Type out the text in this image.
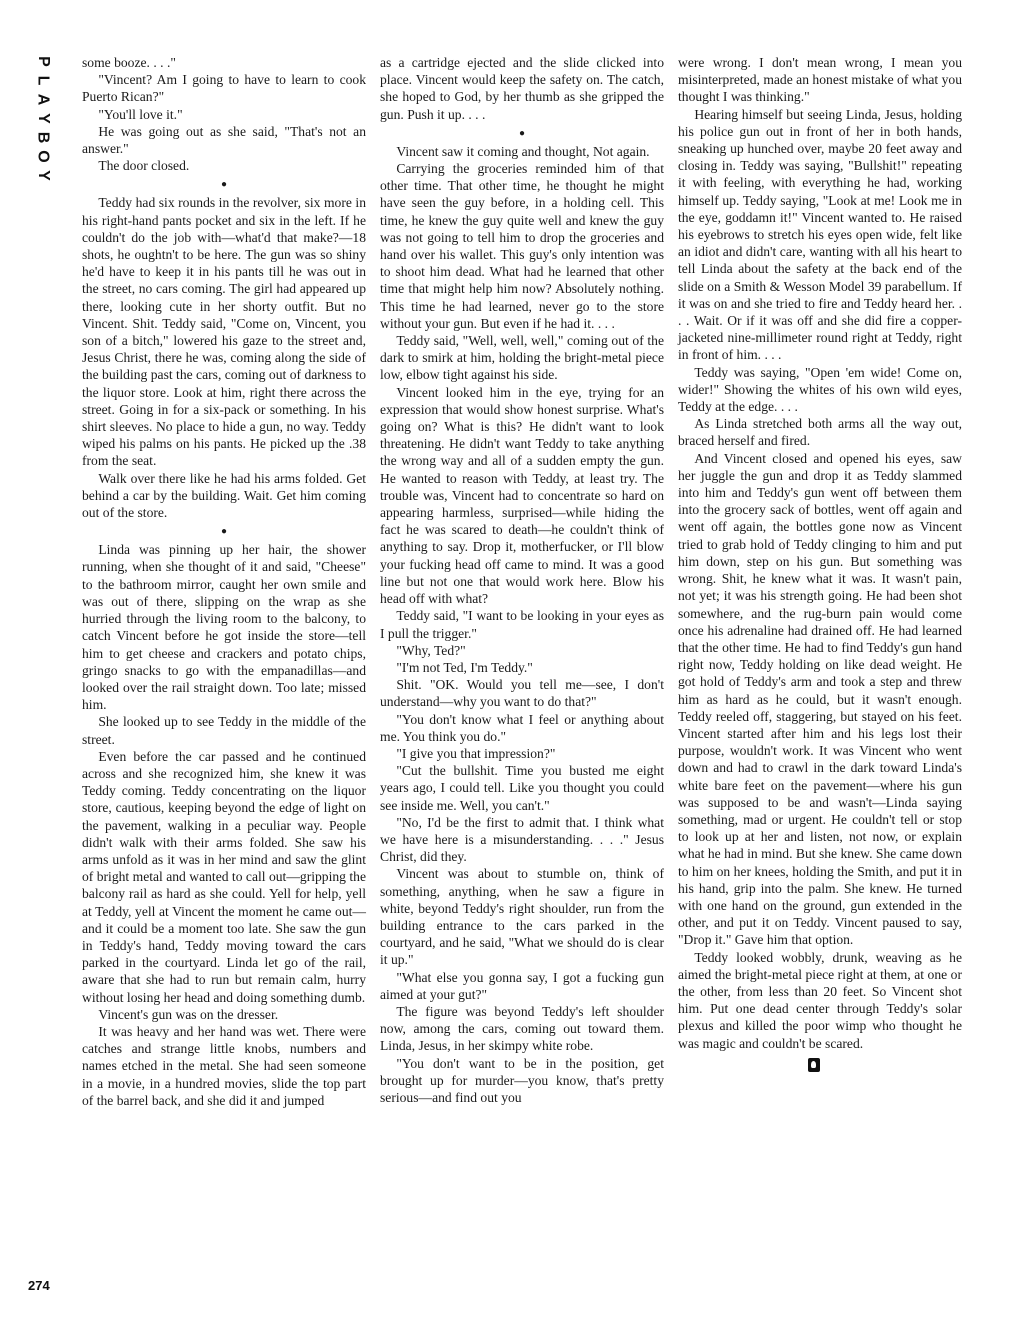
P
L
A
Y
B
O
Y

some booze. . . ."

"Vincent? Am I going to have to learn to cook Puerto Rican?"

"You'll love it."

He was going out as she said, "That's not an answer."

The door closed.

●

Teddy had six rounds in the revolver, six more in his right-hand pants pocket and six in the left. If he couldn't do the job with—what'd that make?—18 shots, he oughtn't to be here. The gun was so shiny he'd have to keep it in his pants till he was out in the street, no cars coming. The girl had appeared up there, looking cute in her shorty outfit. But no Vincent. Shit. Teddy said, "Come on, Vincent, you son of a bitch," lowered his gaze to the street and, Jesus Christ, there he was, coming along the side of the building past the cars, coming out of darkness to the liquor store. Look at him, right there across the street. Going in for a six-pack or something. In his shirt sleeves. No place to hide a gun, no way. Teddy wiped his palms on his pants. He picked up the .38 from the seat.

Walk over there like he had his arms folded. Get behind a car by the building. Wait. Get him coming out of the store.

●

Linda was pinning up her hair, the shower running, when she thought of it and said, "Cheese" to the bathroom mirror, caught her own smile and was out of there, slipping on the wrap as she hurried through the living room to the balcony, to catch Vincent before he got inside the store—tell him to get cheese and crackers and potato chips, gringo snacks to go with the empanadillas—and looked over the rail straight down. Too late; missed him.

She looked up to see Teddy in the middle of the street.

Even before the car passed and he continued across and she recognized him, she knew it was Teddy coming. Teddy concentrating on the liquor store, cautious, keeping beyond the edge of light on the pavement, walking in a peculiar way. People didn't walk with their arms folded. She saw his arms unfold as it was in her mind and saw the glint of bright metal and wanted to call out—gripping the balcony rail as hard as she could. Yell for help, yell at Teddy, yell at Vincent the moment he came out—and it could be a moment too late. She saw the gun in Teddy's hand, Teddy moving toward the cars parked in the courtyard. Linda let go of the rail, aware that she had to run but remain calm, hurry without losing her head and doing something dumb.

Vincent's gun was on the dresser.

It was heavy and her hand was wet. There were catches and strange little knobs, numbers and names etched in the metal. She had seen someone in a movie, in a hundred movies, slide the top part of the barrel back, and she did it and jumped

as a cartridge ejected and the slide clicked into place. Vincent would keep the safety on. The catch, she hoped to God, by her thumb as she gripped the gun. Push it up. . . .

●

Vincent saw it coming and thought, Not again.

Carrying the groceries reminded him of that other time. That other time, he thought he might have seen the guy before, in a holding cell. This time, he knew the guy quite well and knew the guy was not going to tell him to drop the groceries and hand over his wallet. This guy's only intention was to shoot him dead. What had he learned that other time that might help him now? Absolutely nothing. This time he had learned, never go to the store without your gun. But even if he had it. . . .

Teddy said, "Well, well, well," coming out of the dark to smirk at him, holding the bright-metal piece low, elbow tight against his side.

Vincent looked him in the eye, trying for an expression that would show honest surprise. What's going on? What is this? He didn't want to look threatening. He didn't want Teddy to take anything the wrong way and all of a sudden empty the gun. He wanted to reason with Teddy, at least try. The trouble was, Vincent had to concentrate so hard on appearing harmless, surprised—while hiding the fact he was scared to death—he couldn't think of anything to say. Drop it, motherfucker, or I'll blow your fucking head off came to mind. It was a good line but not one that would work here. Blow his head off with what?

Teddy said, "I want to be looking in your eyes as I pull the trigger."

"Why, Ted?"

"I'm not Ted, I'm Teddy."

Shit. "OK. Would you tell me—see, I don't understand—why you want to do that?"

"You don't know what I feel or anything about me. You think you do."

"I give you that impression?"

"Cut the bullshit. Time you busted me eight years ago, I could tell. Like you thought you could see inside me. Well, you can't."

"No, I'd be the first to admit that. I think what we have here is a misunderstanding. . . ." Jesus Christ, did they.

Vincent was about to stumble on, think of something, anything, when he saw a figure in white, beyond Teddy's right shoulder, run from the building entrance to the cars parked in the courtyard, and he said, "What we should do is clear it up."

"What else you gonna say, I got a fucking gun aimed at your gut?"

The figure was beyond Teddy's left shoulder now, among the cars, coming out toward them. Linda, Jesus, in her skimpy white robe.

"You don't want to be in the position, get brought up for murder—you know, that's pretty serious—and find out you

were wrong. I don't mean wrong, I mean you misinterpreted, made an honest mistake of what you thought I was thinking."

Hearing himself but seeing Linda, Jesus, holding his police gun out in front of her in both hands, sneaking up hunched over, maybe 20 feet away and closing in. Teddy was saying, "Bullshit!" repeating it with feeling, with everything he had, working himself up. Teddy saying, "Look at me! Look me in the eye, goddamn it!" Vincent wanted to. He raised his eyebrows to stretch his eyes open wide, felt like an idiot and didn't care, wanting with all his heart to tell Linda about the safety at the back end of the slide on a Smith & Wesson Model 39 parabellum. If it was on and she tried to fire and Teddy heard her. . . . Wait. Or if it was off and she did fire a copper-jacketed nine-millimeter round right at Teddy, right in front of him. . . .

Teddy was saying, "Open 'em wide! Come on, wider!" Showing the whites of his own wild eyes, Teddy at the edge. . . .

As Linda stretched both arms all the way out, braced herself and fired.

And Vincent closed and opened his eyes, saw her juggle the gun and drop it as Teddy slammed into him and Teddy's gun went off between them into the grocery sack of bottles, went off again and went off again, the bottles gone now as Vincent tried to grab hold of Teddy clinging to him and put him down, step on his gun. But something was wrong. Shit, he knew what it was. It wasn't pain, not yet; it was his strength going. He had been shot somewhere, and the rug-burn pain would come once his adrenaline had drained off. He had learned that the other time. He had to find Teddy's gun hand right now, Teddy holding on like dead weight. He got hold of Teddy's arm and took a step and threw him as hard as he could, but it wasn't enough. Teddy reeled off, staggering, but stayed on his feet. Vincent started after him and his legs lost their purpose, wouldn't work. It was Vincent who went down and had to crawl in the dark toward Linda's white bare feet on the pavement—where his gun was supposed to be and wasn't—Linda saying something, mad or urgent. He couldn't tell or stop to look up at her and listen, not now, or explain what he had in mind. But she knew. She came down to him on her knees, holding the Smith, and put it in his hand, grip into the palm. She knew. He turned with one hand on the ground, gun extended in the other, and put it on Teddy. Vincent paused to say, "Drop it." Gave him that option.

Teddy looked wobbly, drunk, weaving as he aimed the bright-metal piece right at them, at one or the other, from less than 20 feet. So Vincent shot him. Put one dead center through Teddy's solar plexus and killed the poor wimp who thought he was magic and couldn't be scared.

274
